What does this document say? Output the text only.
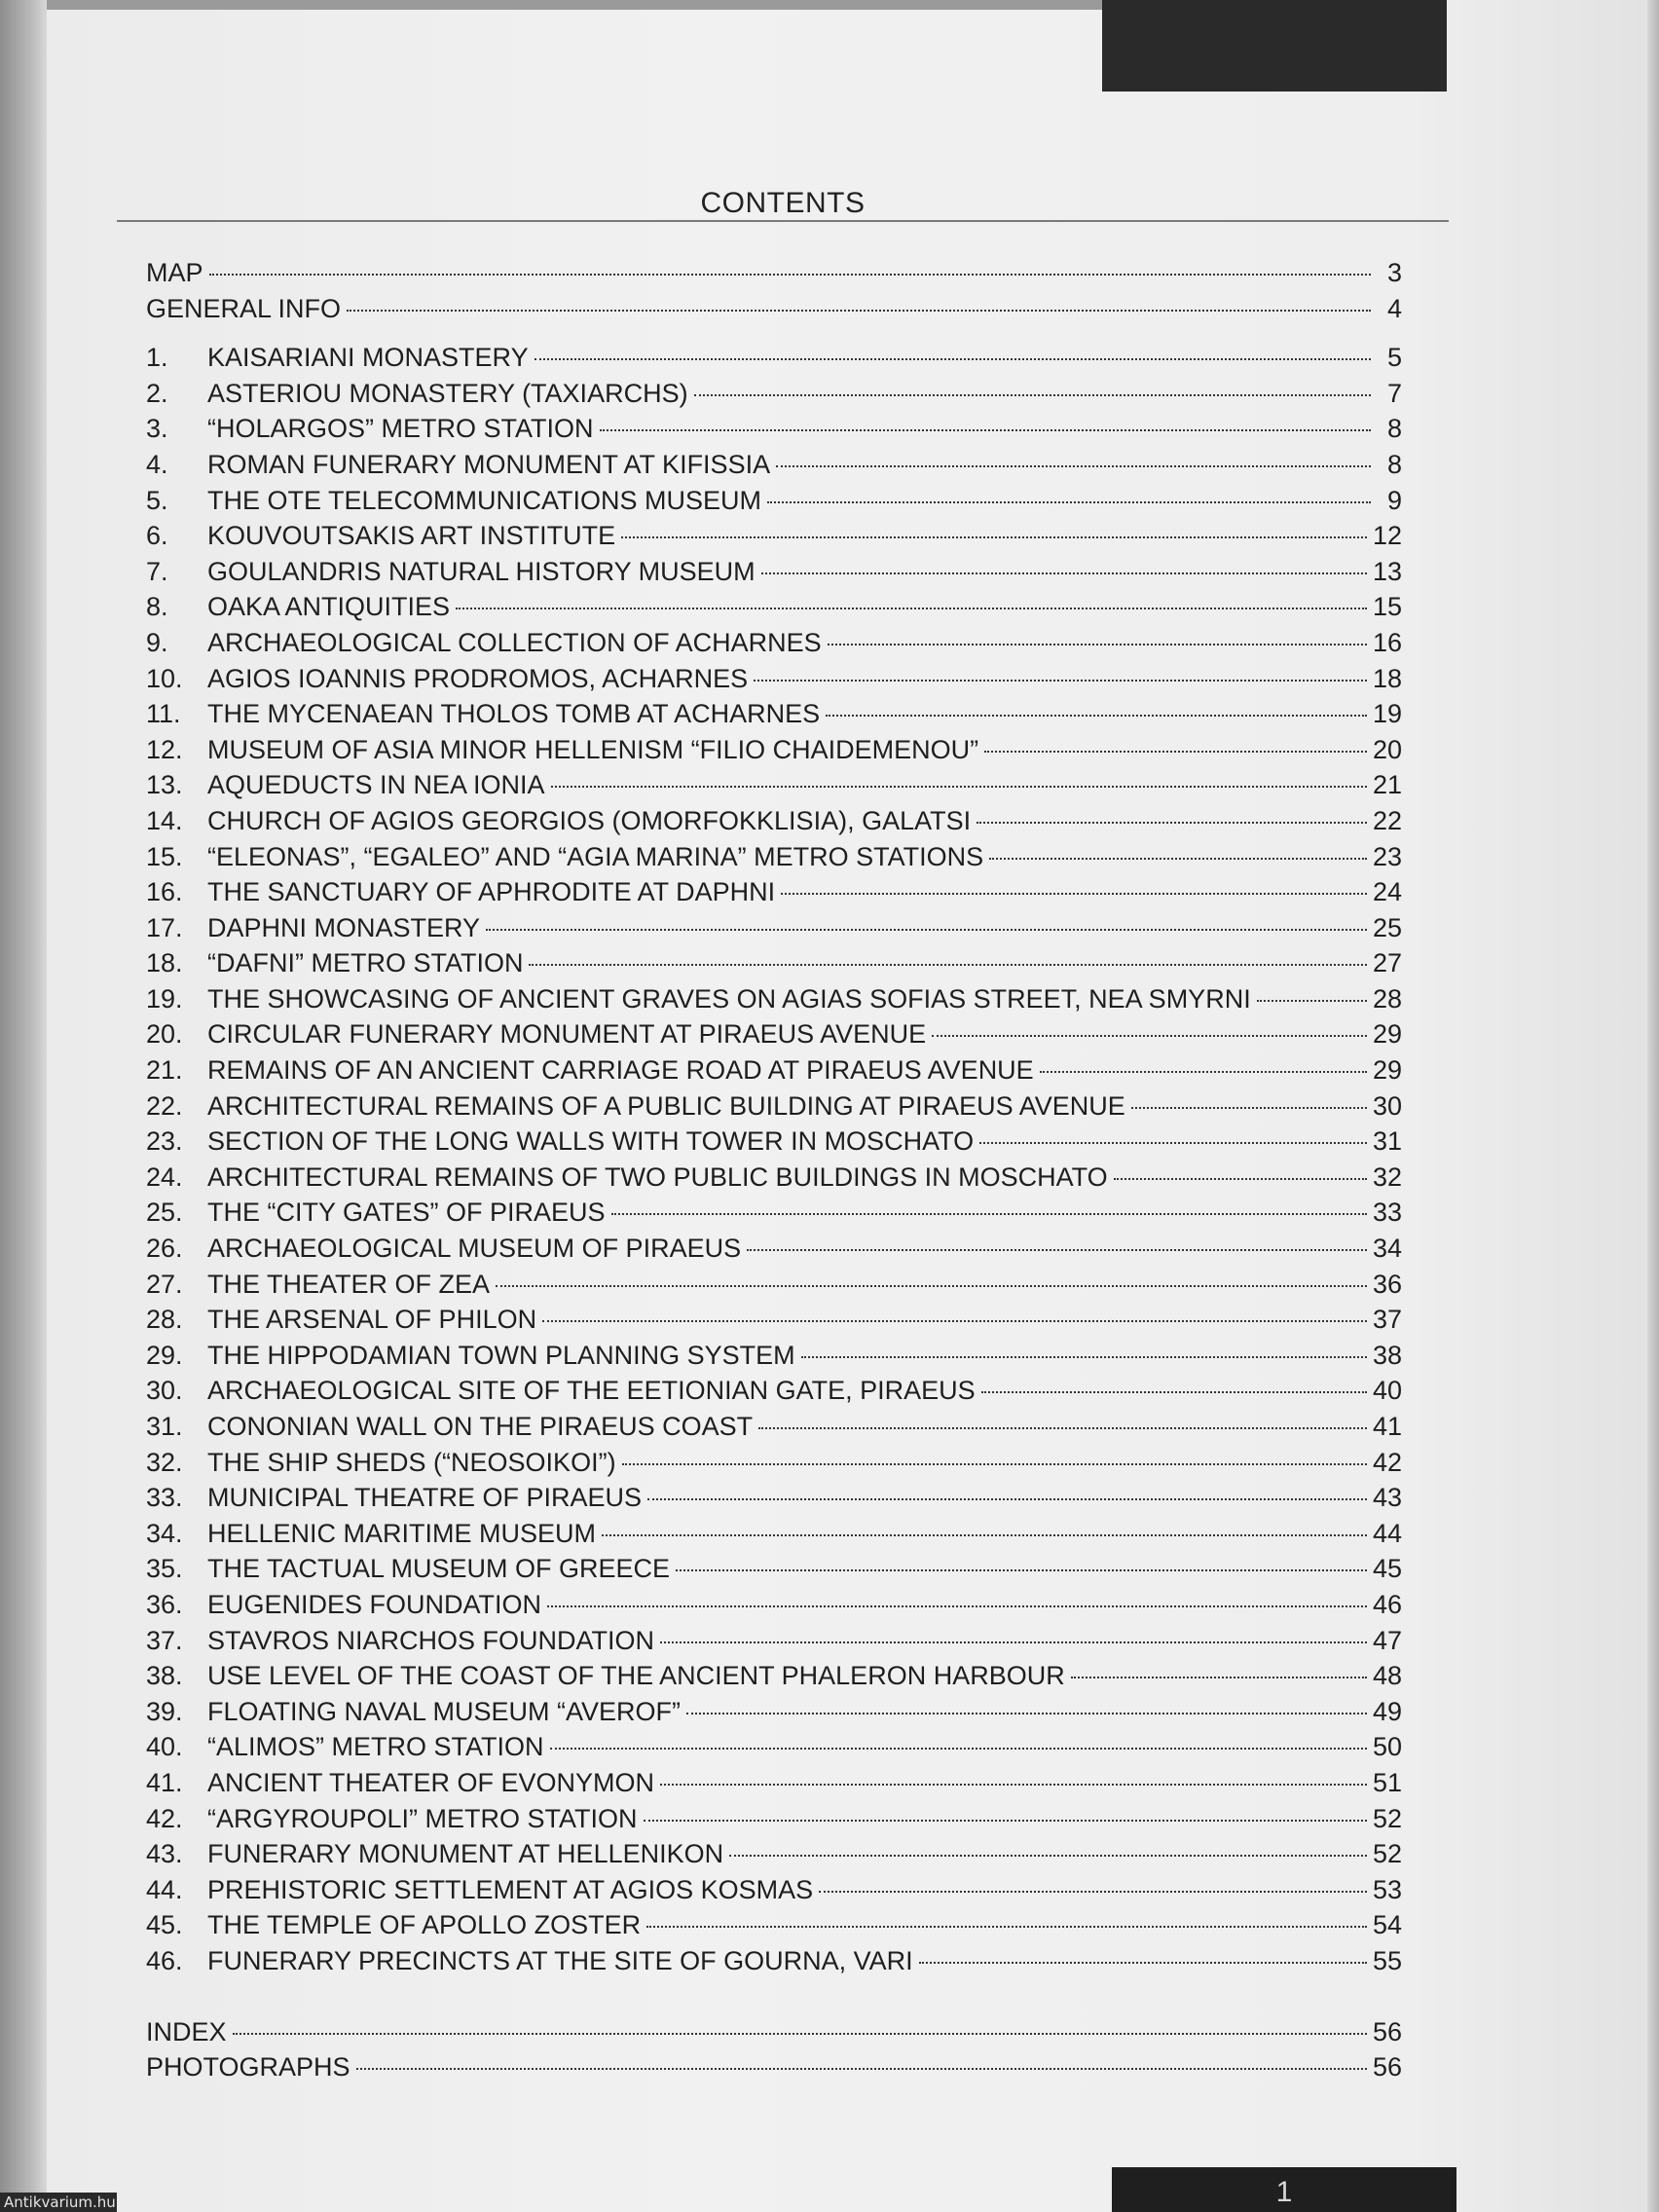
CONTENTS
MAP	3
GENERAL INFO	4
1.	KAISARIANI MONASTERY	5
2.	ASTERIOU MONASTERY (TAXIARCHS)	7
3.	“HOLARGOS” METRO STATION	8
4.	ROMAN FUNERARY MONUMENT AT KIFISSIA	8
5.	THE OTE TELECOMMUNICATIONS MUSEUM	9
6.	KOUVOUTSAKIS ART INSTITUTE	12
7.	GOULANDRIS NATURAL HISTORY MUSEUM	13
8.	OAKA ANTIQUITIES	15
9.	ARCHAEOLOGICAL COLLECTION OF ACHARNES	16
10. AGIOS IOANNIS PRODROMOS, ACHARNES	18
11.	THE MYCENAEAN THOLOS TOMB AT ACHARNES	19
12. MUSEUM OF ASIA MINOR HELLENISM “FILIO CHAIDEMENOU”	20
13. AQUEDUCTS IN NEA IONIA	21
14. CHURCH OF AGIOS GEORGIOS (OMORFOKKLISIA), GALATSI	22
15. “ELEONAS”, “EGALEO” AND “AGIA MARINA” METRO STATIONS	23
16. THE SANCTUARY OF APHRODITE AT DAPHNI	24
17. DAPHNI MONASTERY	25
18. “DAFNI” METRO STATION	27
19. THE SHOWCASING OF ANCIENT GRAVES ON AGIAS SOFIAS STREET, NEA SMYRNI	28
20. CIRCULAR FUNERARY MONUMENT AT PIRAEUS AVENUE	29
21. REMAINS OF AN ANCIENT CARRIAGE ROAD AT PIRAEUS AVENUE	29
22. ARCHITECTURAL REMAINS OF A PUBLIC BUILDING AT PIRAEUS AVENUE	30
23. SECTION OF THE LONG WALLS WITH TOWER IN MOSCHATO	31
24. ARCHITECTURAL REMAINS OF TWO PUBLIC BUILDINGS IN MOSCHATO	32
25. THE “CITY GATES” OF PIRAEUS	33
26. ARCHAEOLOGICAL MUSEUM OF PIRAEUS	34
27. THE THEATER OF ZEA	36
28. THE ARSENAL OF PHILON	37
29. THE HIPPODAMIAN TOWN PLANNING SYSTEM	38
30. ARCHAEOLOGICAL SITE OF THE EETIONIAN GATE, PIRAEUS	40
31. CONONIAN WALL ON THE PIRAEUS COAST	41
32. THE SHIP SHEDS (“NEOSOIKOI”)	42
33. MUNICIPAL THEATRE OF PIRAEUS	43
34. HELLENIC MARITIME MUSEUM	44
35. THE TACTUAL MUSEUM OF GREECE	45
36. EUGENIDES FOUNDATION	46
37. STAVROS NIARCHOS FOUNDATION	47
38. USE LEVEL OF THE COAST OF THE ANCIENT PHALERON HARBOUR	48
39. FLOATING NAVAL MUSEUM “AVEROF”	49
40. “ALIMOS” METRO STATION	50
41. ANCIENT THEATER OF EVONYMON	51
42. “ARGYROUPOLI” METRO STATION	52
43. FUNERARY MONUMENT AT HELLENIKON	52
44. PREHISTORIC SETTLEMENT AT AGIOS KOSMAS	53
45. THE TEMPLE OF APOLLO ZOSTER	54
46. FUNERARY PRECINCTS AT THE SITE OF GOURNA, VARI	55
INDEX	56
PHOTOGRAPHS	56
1
Antikvarium.hu
